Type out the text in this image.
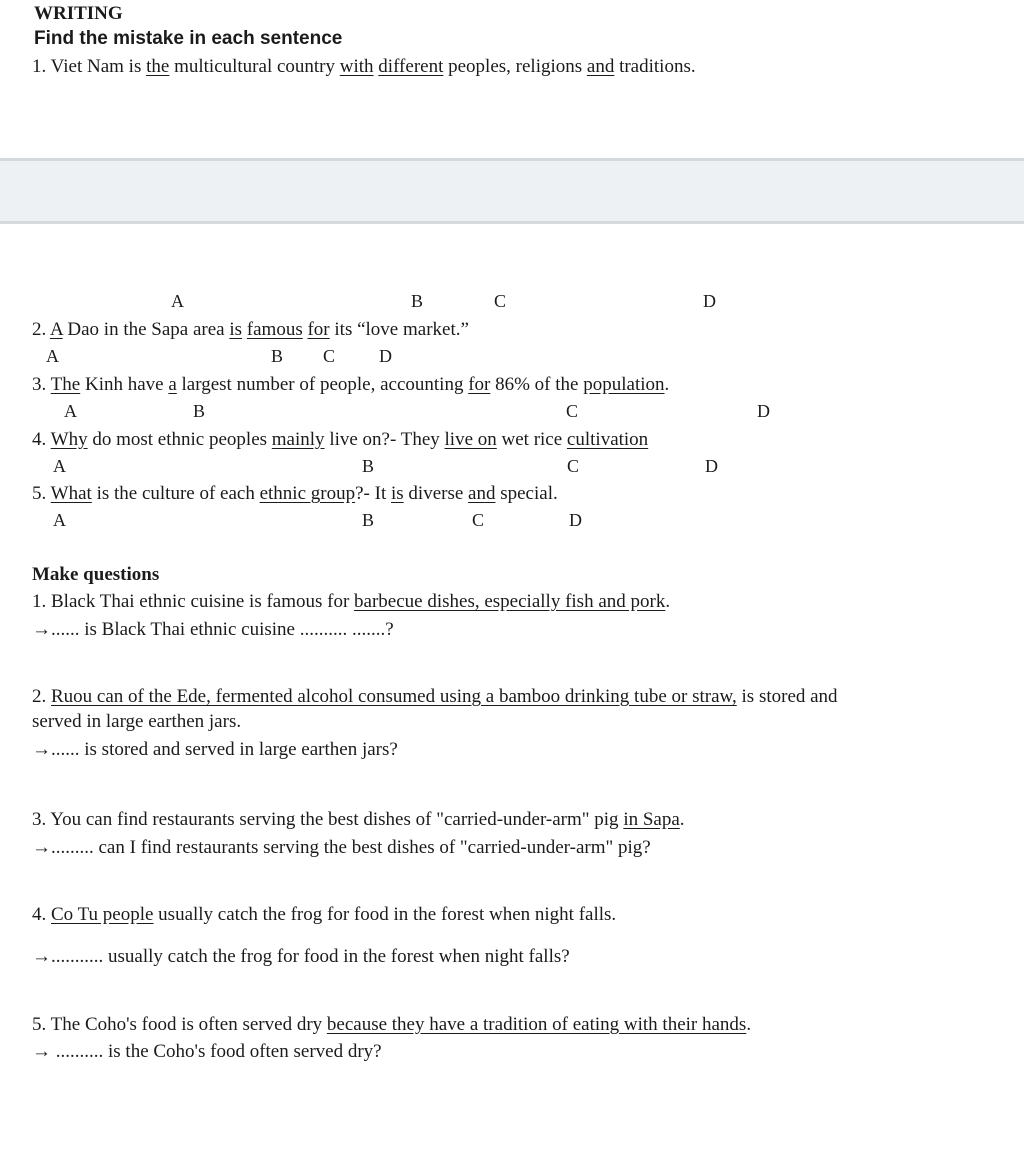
WRITING
Find the mistake in each sentence
1. Viet Nam is the multicultural country with different peoples, religions and traditions.
A	B	C	D
2. A Dao in the Sapa area is famous for its “love market.”
A	B C D
3. The Kinh have a largest number of people, accounting for 86% of the population.
A	B	C	D
4. Why do most ethnic peoples mainly live on?- They live on wet rice cultivation
A	B	C	D
5. What is the culture of each ethnic group?- It is diverse and special.
A	B	C	D
Make questions
1. Black Thai ethnic cuisine is famous for barbecue dishes, especially fish and pork.
→...... is Black Thai ethnic cuisine .......... .......?
2. Ruou can of the Ede, fermented alcohol consumed using a bamboo drinking tube or straw, is stored and
served in large earthen jars.
→...... is stored and served in large earthen jars?
3. You can find restaurants serving the best dishes of "carried-under-arm" pig in Sapa.
→......... can I find restaurants serving the best dishes of "carried-under-arm" pig?
4. Co Tu people usually catch the frog for food in the forest when night falls.
→........... usually catch the frog for food in the forest when night falls?
5. The Coho's food is often served dry because they have a tradition of eating with their hands.
→ .......... is the Coho's food often served dry?
